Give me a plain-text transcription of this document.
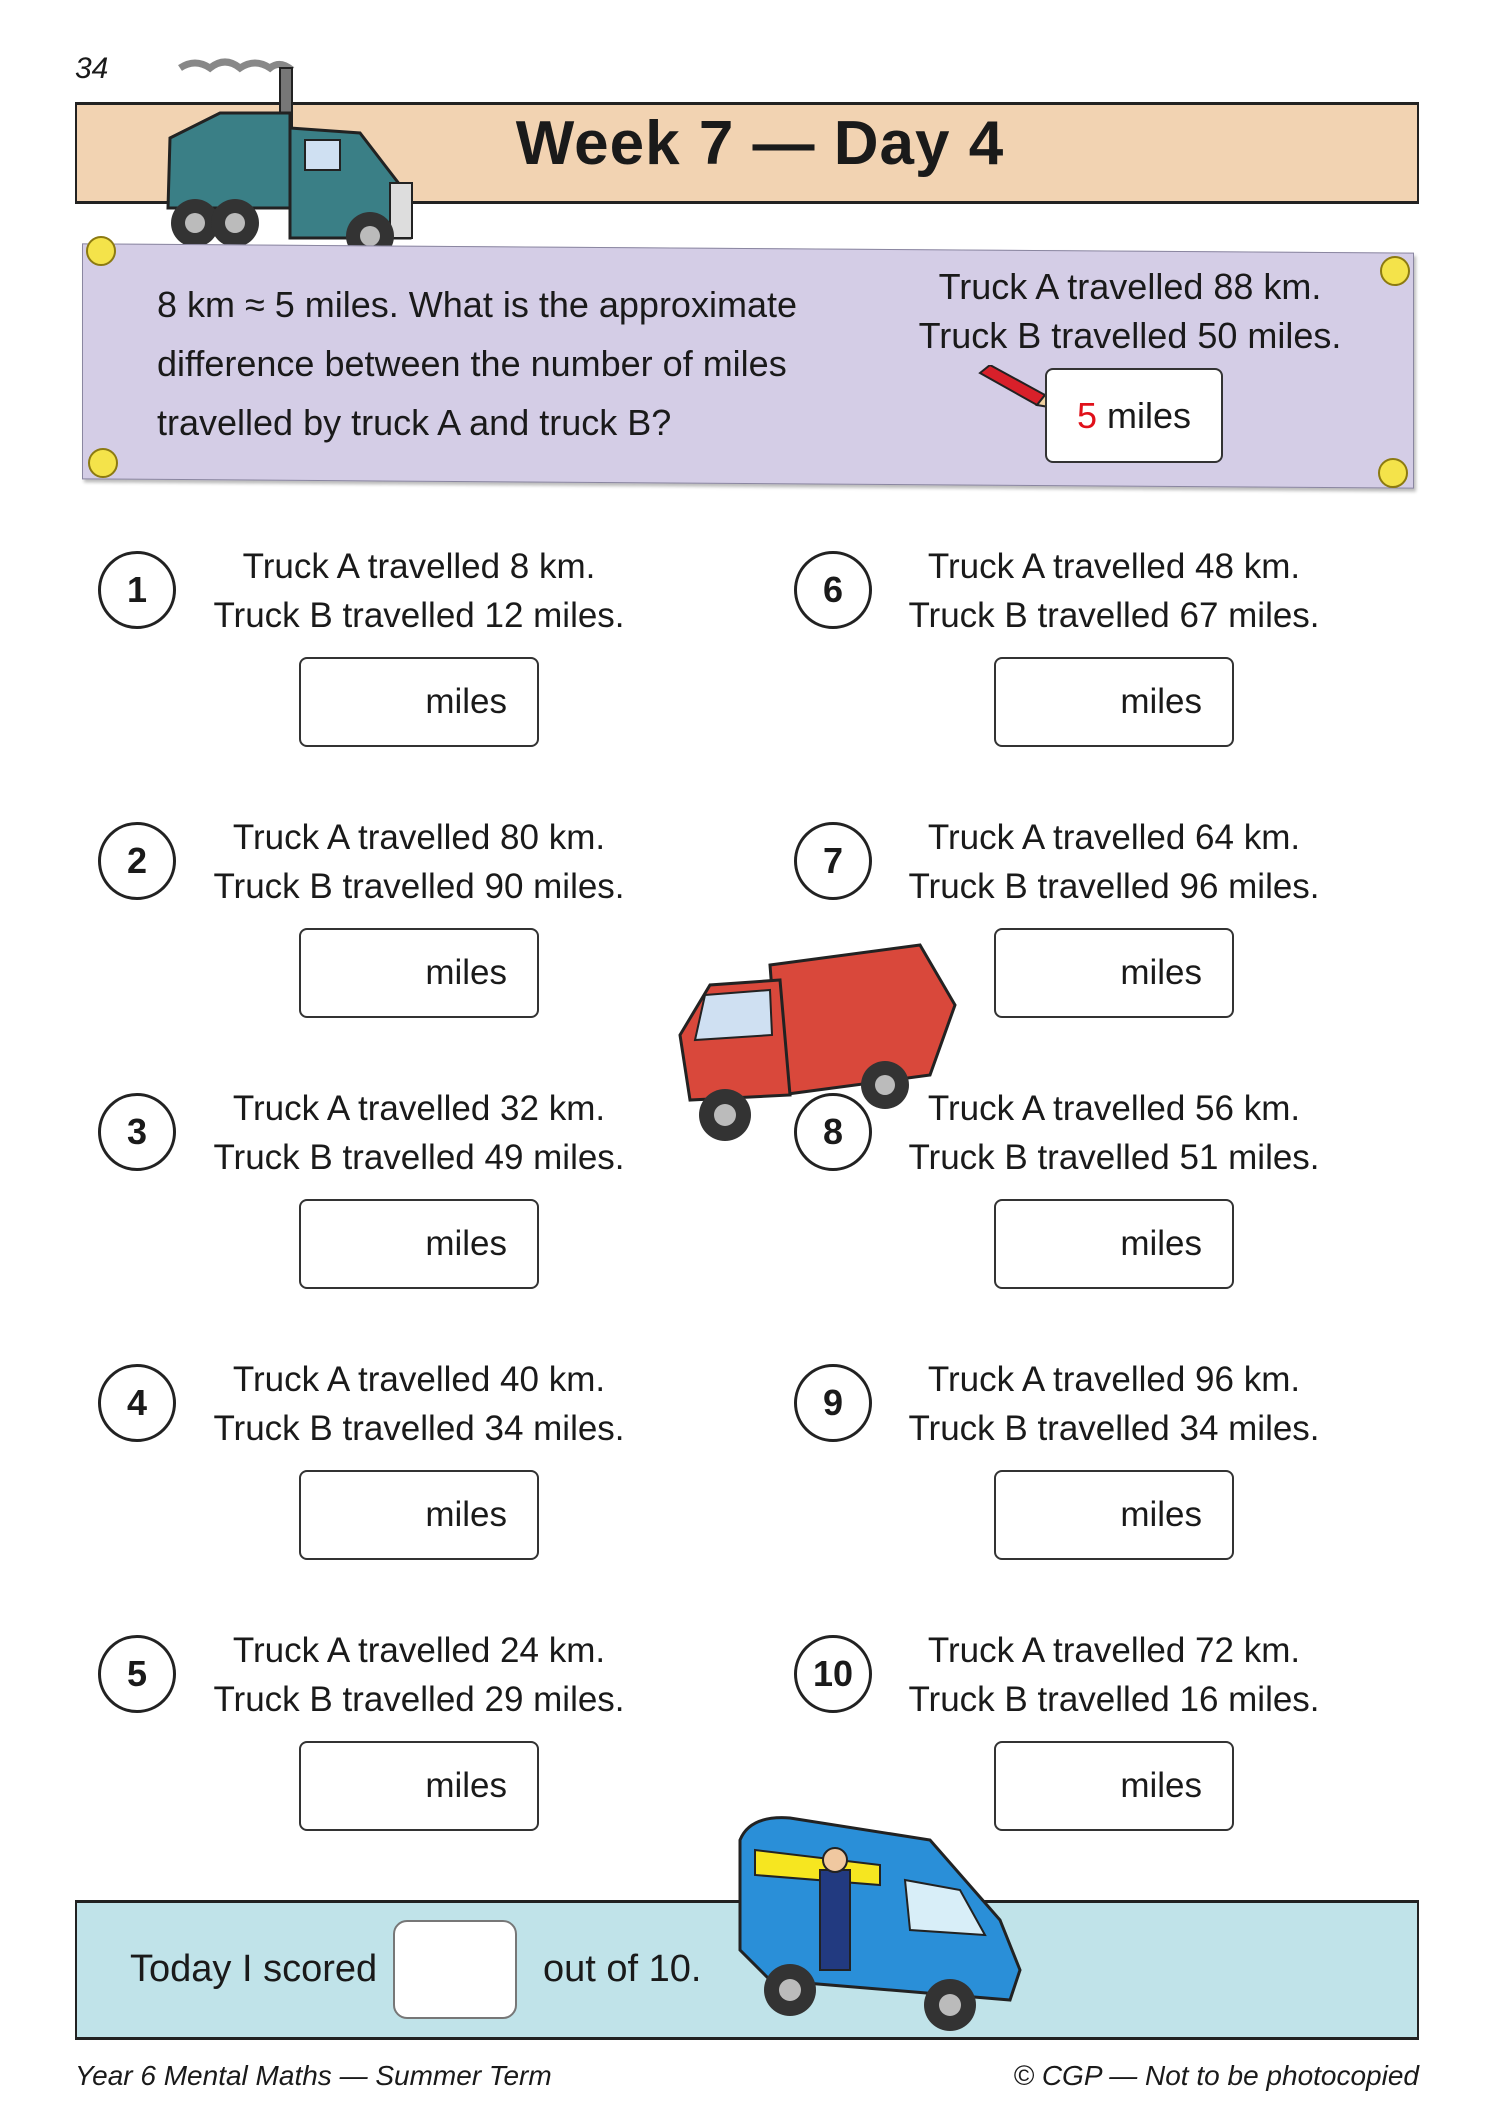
34
Week 7 — Day 4
8 km ≈ 5 miles. What is the approximate
difference between the number of miles
travelled by truck A and truck B?
Truck A travelled 88 km.
Truck B travelled 50 miles.
5 miles
1
Truck A travelled 8 km.
Truck B travelled 12 miles.
miles
2
Truck A travelled 80 km.
Truck B travelled 90 miles.
miles
3
Truck A travelled 32 km.
Truck B travelled 49 miles.
miles
4
Truck A travelled 40 km.
Truck B travelled 34 miles.
miles
5
Truck A travelled 24 km.
Truck B travelled 29 miles.
miles
6
Truck A travelled 48 km.
Truck B travelled 67 miles.
miles
7
Truck A travelled 64 km.
Truck B travelled 96 miles.
miles
8
Truck A travelled 56 km.
Truck B travelled 51 miles.
miles
9
Truck A travelled 96 km.
Truck B travelled 34 miles.
miles
10
Truck A travelled 72 km.
Truck B travelled 16 miles.
miles
Today I scored	out of 10.
Year 6 Mental Maths — Summer Term	© CGP — Not to be photocopied
